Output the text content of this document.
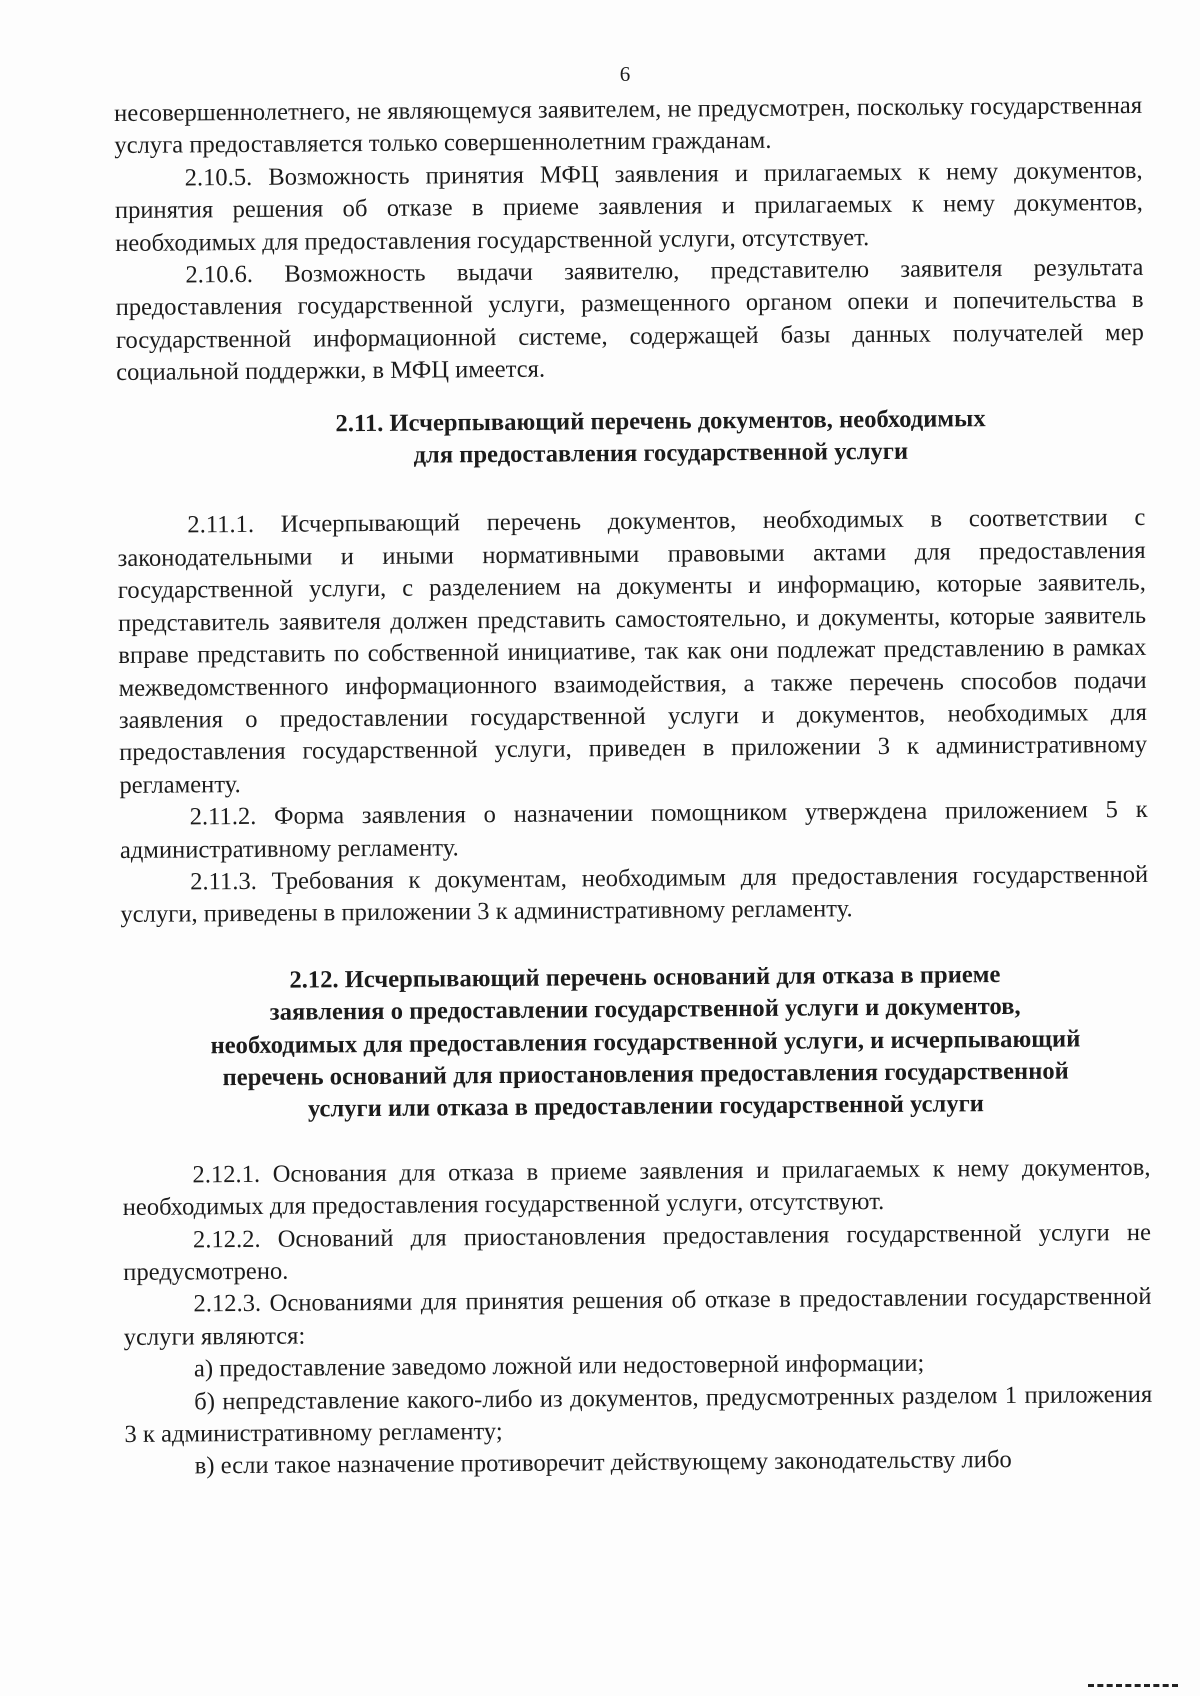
6

несовершеннолетнего, не являющемуся заявителем, не предусмотрен, поскольку государственная услуга предоставляется только совершеннолетним гражданам.

2.10.5. Возможность принятия МФЦ заявления и прилагаемых к нему документов, принятия решения об отказе в приеме заявления и прилагаемых к нему документов, необходимых для предоставления государственной услуги, отсутствует.

2.10.6. Возможность выдачи заявителю, представителю заявителя результата предоставления государственной услуги, размещенного органом опеки и попечительства в государственной информационной системе, содержащей базы данных получателей мер социальной поддержки, в МФЦ имеется.

2.11. Исчерпывающий перечень документов, необходимых
для предоставления государственной услуги

2.11.1. Исчерпывающий перечень документов, необходимых в соответствии с законодательными и иными нормативными правовыми актами для предоставления государственной услуги, с разделением на документы и информацию, которые заявитель, представитель заявителя должен представить самостоятельно, и документы, которые заявитель вправе представить по собственной инициативе, так как они подлежат представлению в рамках межведомственного информационного взаимодействия, а также перечень способов подачи заявления о предоставлении государственной услуги и документов, необходимых для предоставления государственной услуги, приведен в приложении 3 к административному регламенту.

2.11.2. Форма заявления о назначении помощником утверждена приложением 5 к административному регламенту.

2.11.3. Требования к документам, необходимым для предоставления государственной услуги, приведены в приложении 3 к административному регламенту.

2.12. Исчерпывающий перечень оснований для отказа в приеме
заявления о предоставлении государственной услуги и документов,
необходимых для предоставления государственной услуги, и исчерпывающий
перечень оснований для приостановления предоставления государственной
услуги или отказа в предоставлении государственной услуги

2.12.1. Основания для отказа в приеме заявления и прилагаемых к нему документов, необходимых для предоставления государственной услуги, отсутствуют.

2.12.2. Оснований для приостановления предоставления государственной услуги не предусмотрено.

2.12.3. Основаниями для принятия решения об отказе в предоставлении государственной услуги являются:

а) предоставление заведомо ложной или недостоверной информации;

б) непредставление какого-либо из документов, предусмотренных разделом 1 приложения 3 к административному регламенту;

в) если такое назначение противоречит действующему законодательству либо
